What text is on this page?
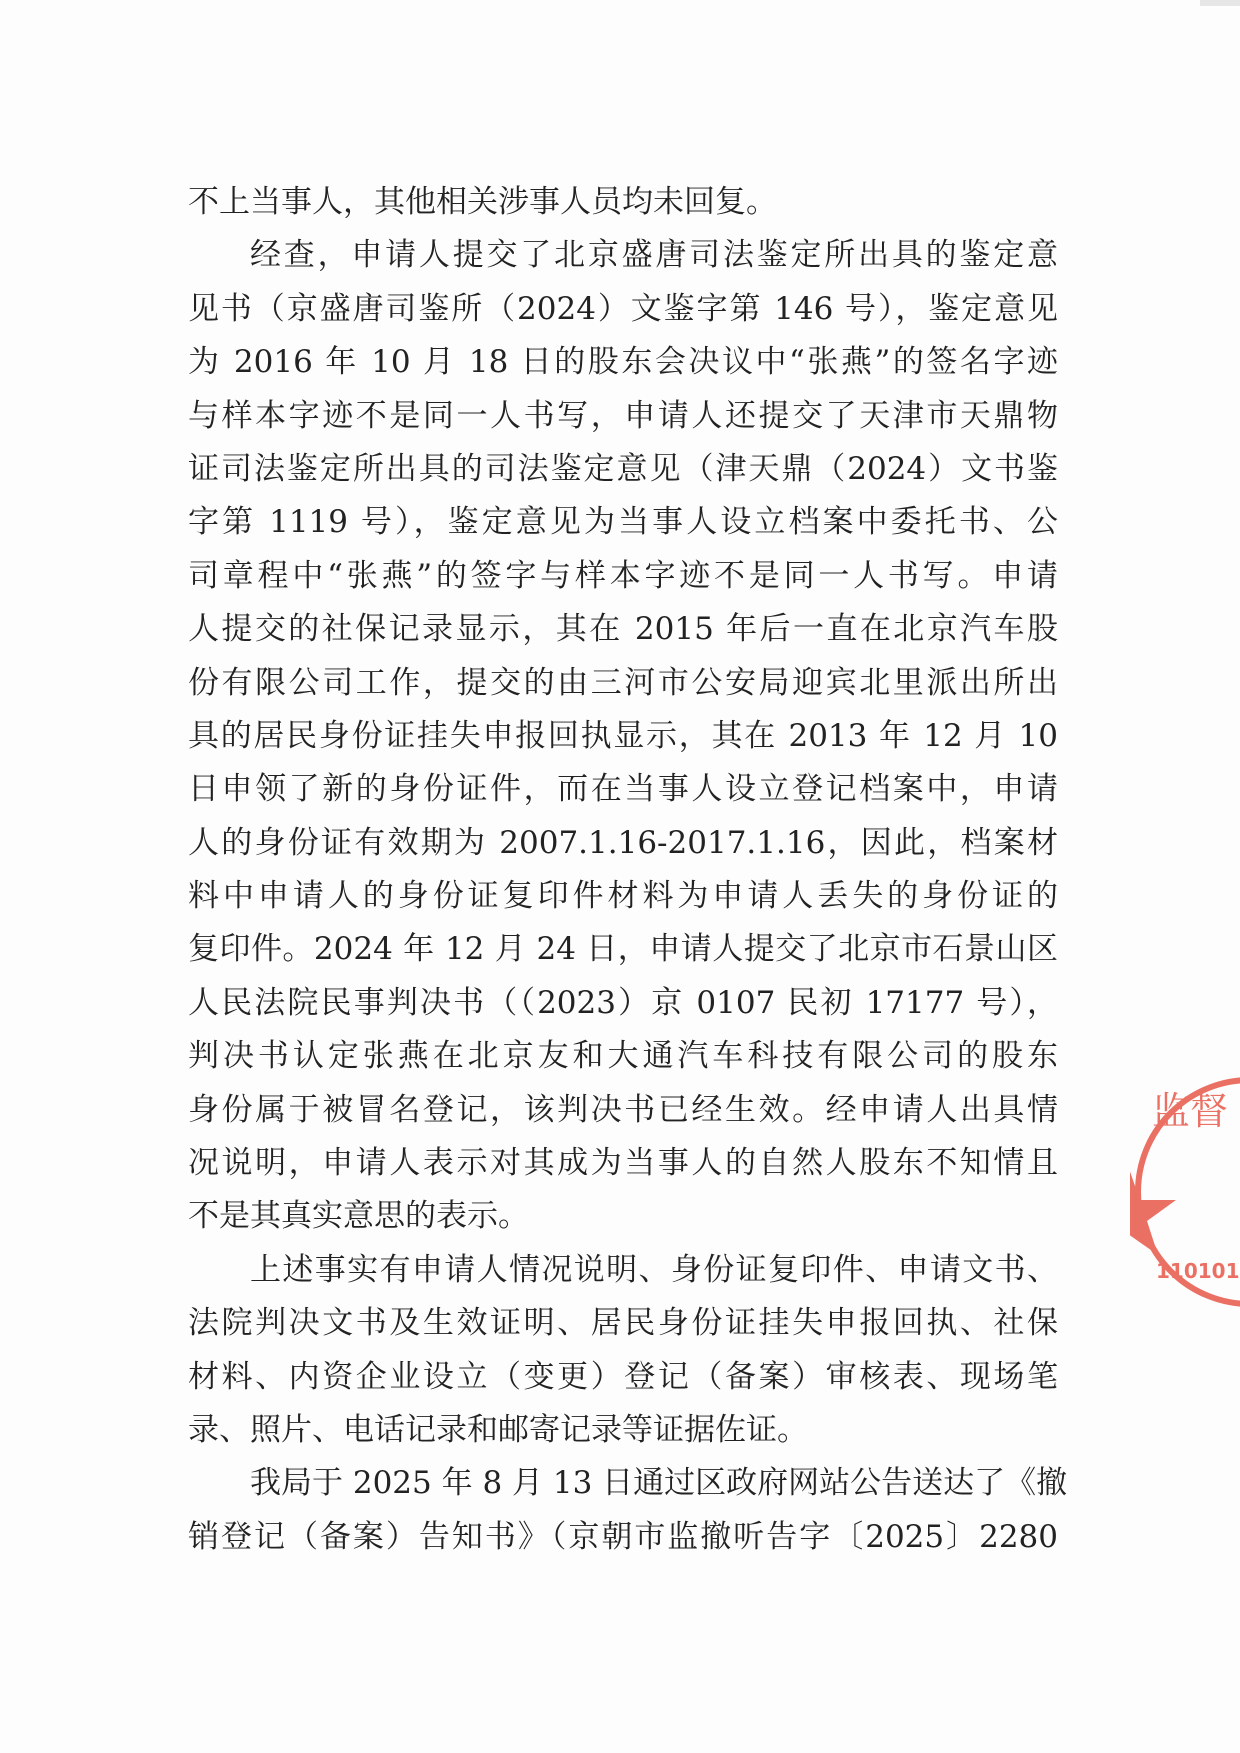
不上当事人，其他相关涉事人员均未回复。
经查，申请人提交了北京盛唐司法鉴定所出具的鉴定意
见书（京盛唐司鉴所（2024）文鉴字第 146 号），鉴定意见
为 2016 年 10 月 18 日的股东会决议中“张燕”的签名字迹
与样本字迹不是同一人书写，申请人还提交了天津市天鼎物
证司法鉴定所出具的司法鉴定意见（津天鼎（2024）文书鉴
字第 1119 号），鉴定意见为当事人设立档案中委托书、公
司章程中“张燕”的签字与样本字迹不是同一人书写。申请
人提交的社保记录显示，其在 2015 年后一直在北京汽车股
份有限公司工作，提交的由三河市公安局迎宾北里派出所出
具的居民身份证挂失申报回执显示，其在 2013 年 12 月 10
日申领了新的身份证件，而在当事人设立登记档案中，申请
人的身份证有效期为 2007.1.16-2017.1.16，因此，档案材
料中申请人的身份证复印件材料为申请人丢失的身份证的
复印件。2024 年 12 月 24 日，申请人提交了北京市石景山区
人民法院民事判决书（（2023）京 0107 民初 17177 号），
判决书认定张燕在北京友和大通汽车科技有限公司的股东
身份属于被冒名登记，该判决书已经生效。经申请人出具情
况说明，申请人表示对其成为当事人的自然人股东不知情且
不是其真实意思的表示。
上述事实有申请人情况说明、身份证复印件、申请文书、
法院判决文书及生效证明、居民身份证挂失申报回执、社保
材料、内资企业设立（变更）登记（备案）审核表、现场笔
录、照片、电话记录和邮寄记录等证据佐证。
我局于 2025 年 8 月 13 日通过区政府网站公告送达了《撤
销登记（备案）告知书》（京朝市监撤听告字〔2025〕2280
监督
110101
